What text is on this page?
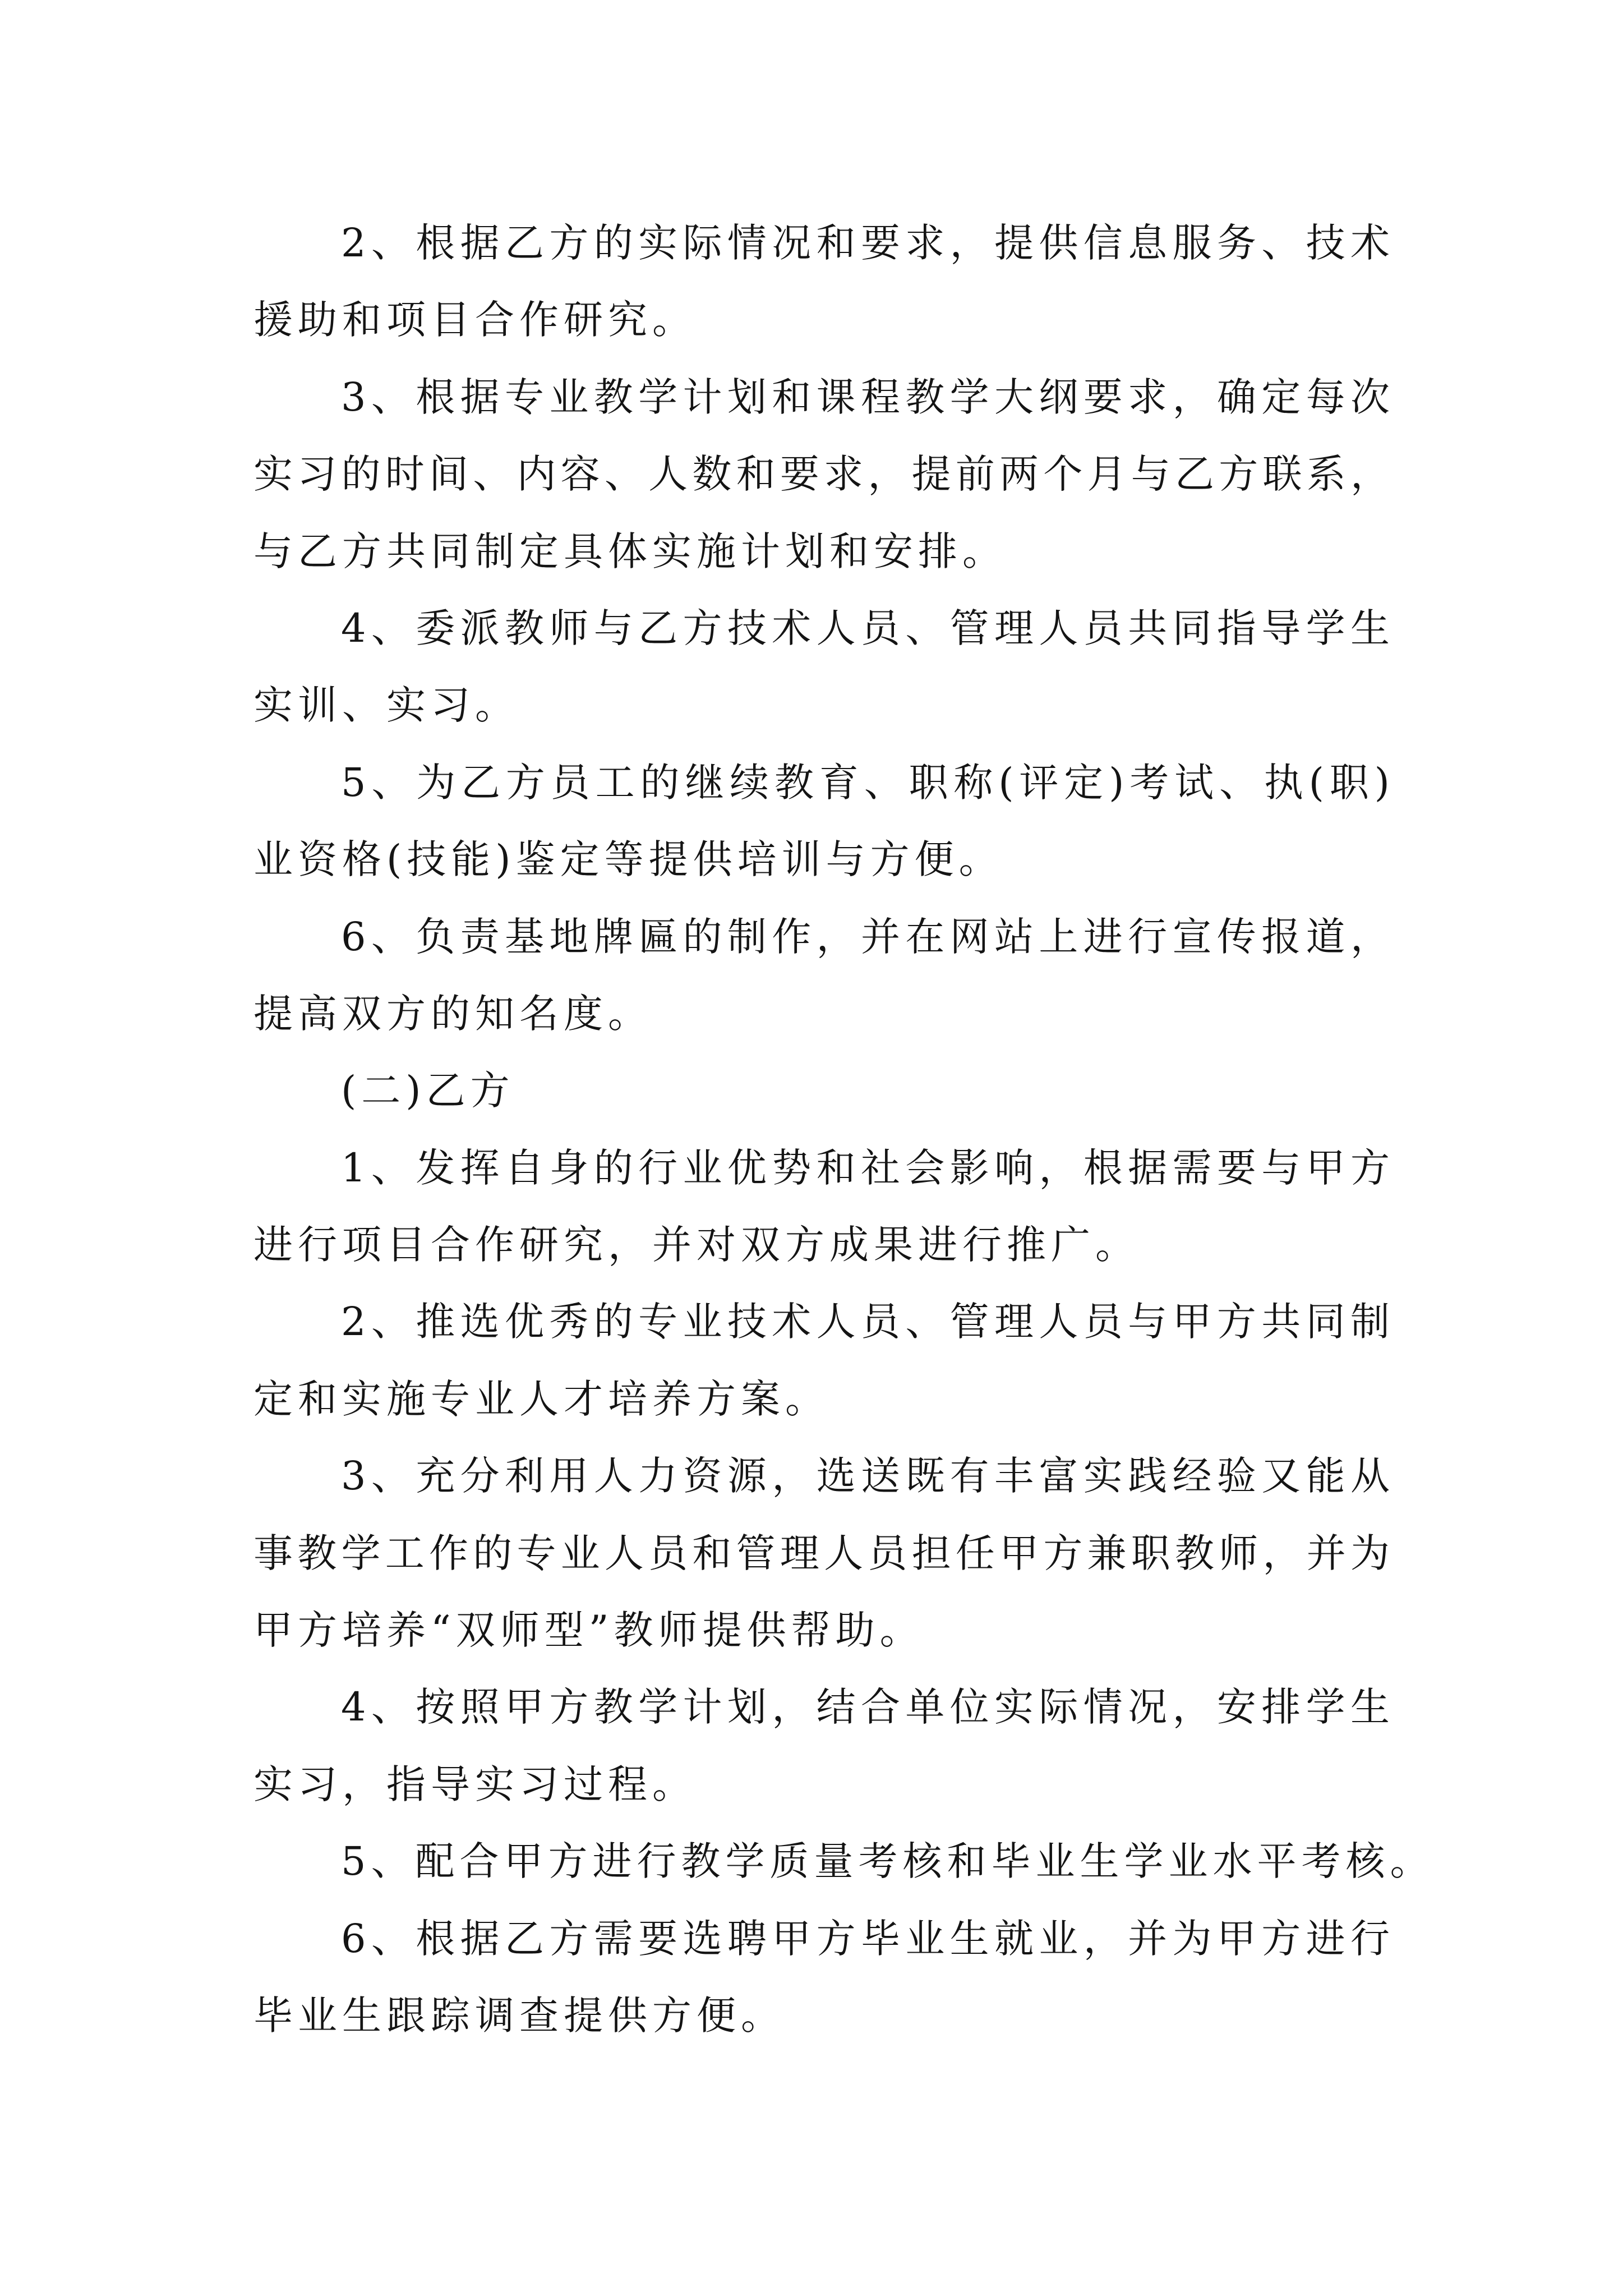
2、根据乙方的实际情况和要求，提供信息服务、技术
援助和项目合作研究。
3、根据专业教学计划和课程教学大纲要求，确定每次
实习的时间、内容、人数和要求，提前两个月与乙方联系，
与乙方共同制定具体实施计划和安排。
4、委派教师与乙方技术人员、管理人员共同指导学生
实训、实习。
5、为乙方员工的继续教育、职称(评定)考试、执(职)
业资格(技能)鉴定等提供培训与方便。
6、负责基地牌匾的制作，并在网站上进行宣传报道，
提高双方的知名度。
(二)乙方
1、发挥自身的行业优势和社会影响，根据需要与甲方
进行项目合作研究，并对双方成果进行推广。
2、推选优秀的专业技术人员、管理人员与甲方共同制
定和实施专业人才培养方案。
3、充分利用人力资源，选送既有丰富实践经验又能从
事教学工作的专业人员和管理人员担任甲方兼职教师，并为
甲方培养“双师型”教师提供帮助。
4、按照甲方教学计划，结合单位实际情况，安排学生
实习，指导实习过程。
5、配合甲方进行教学质量考核和毕业生学业水平考核。
6、根据乙方需要选聘甲方毕业生就业，并为甲方进行
毕业生跟踪调查提供方便。
